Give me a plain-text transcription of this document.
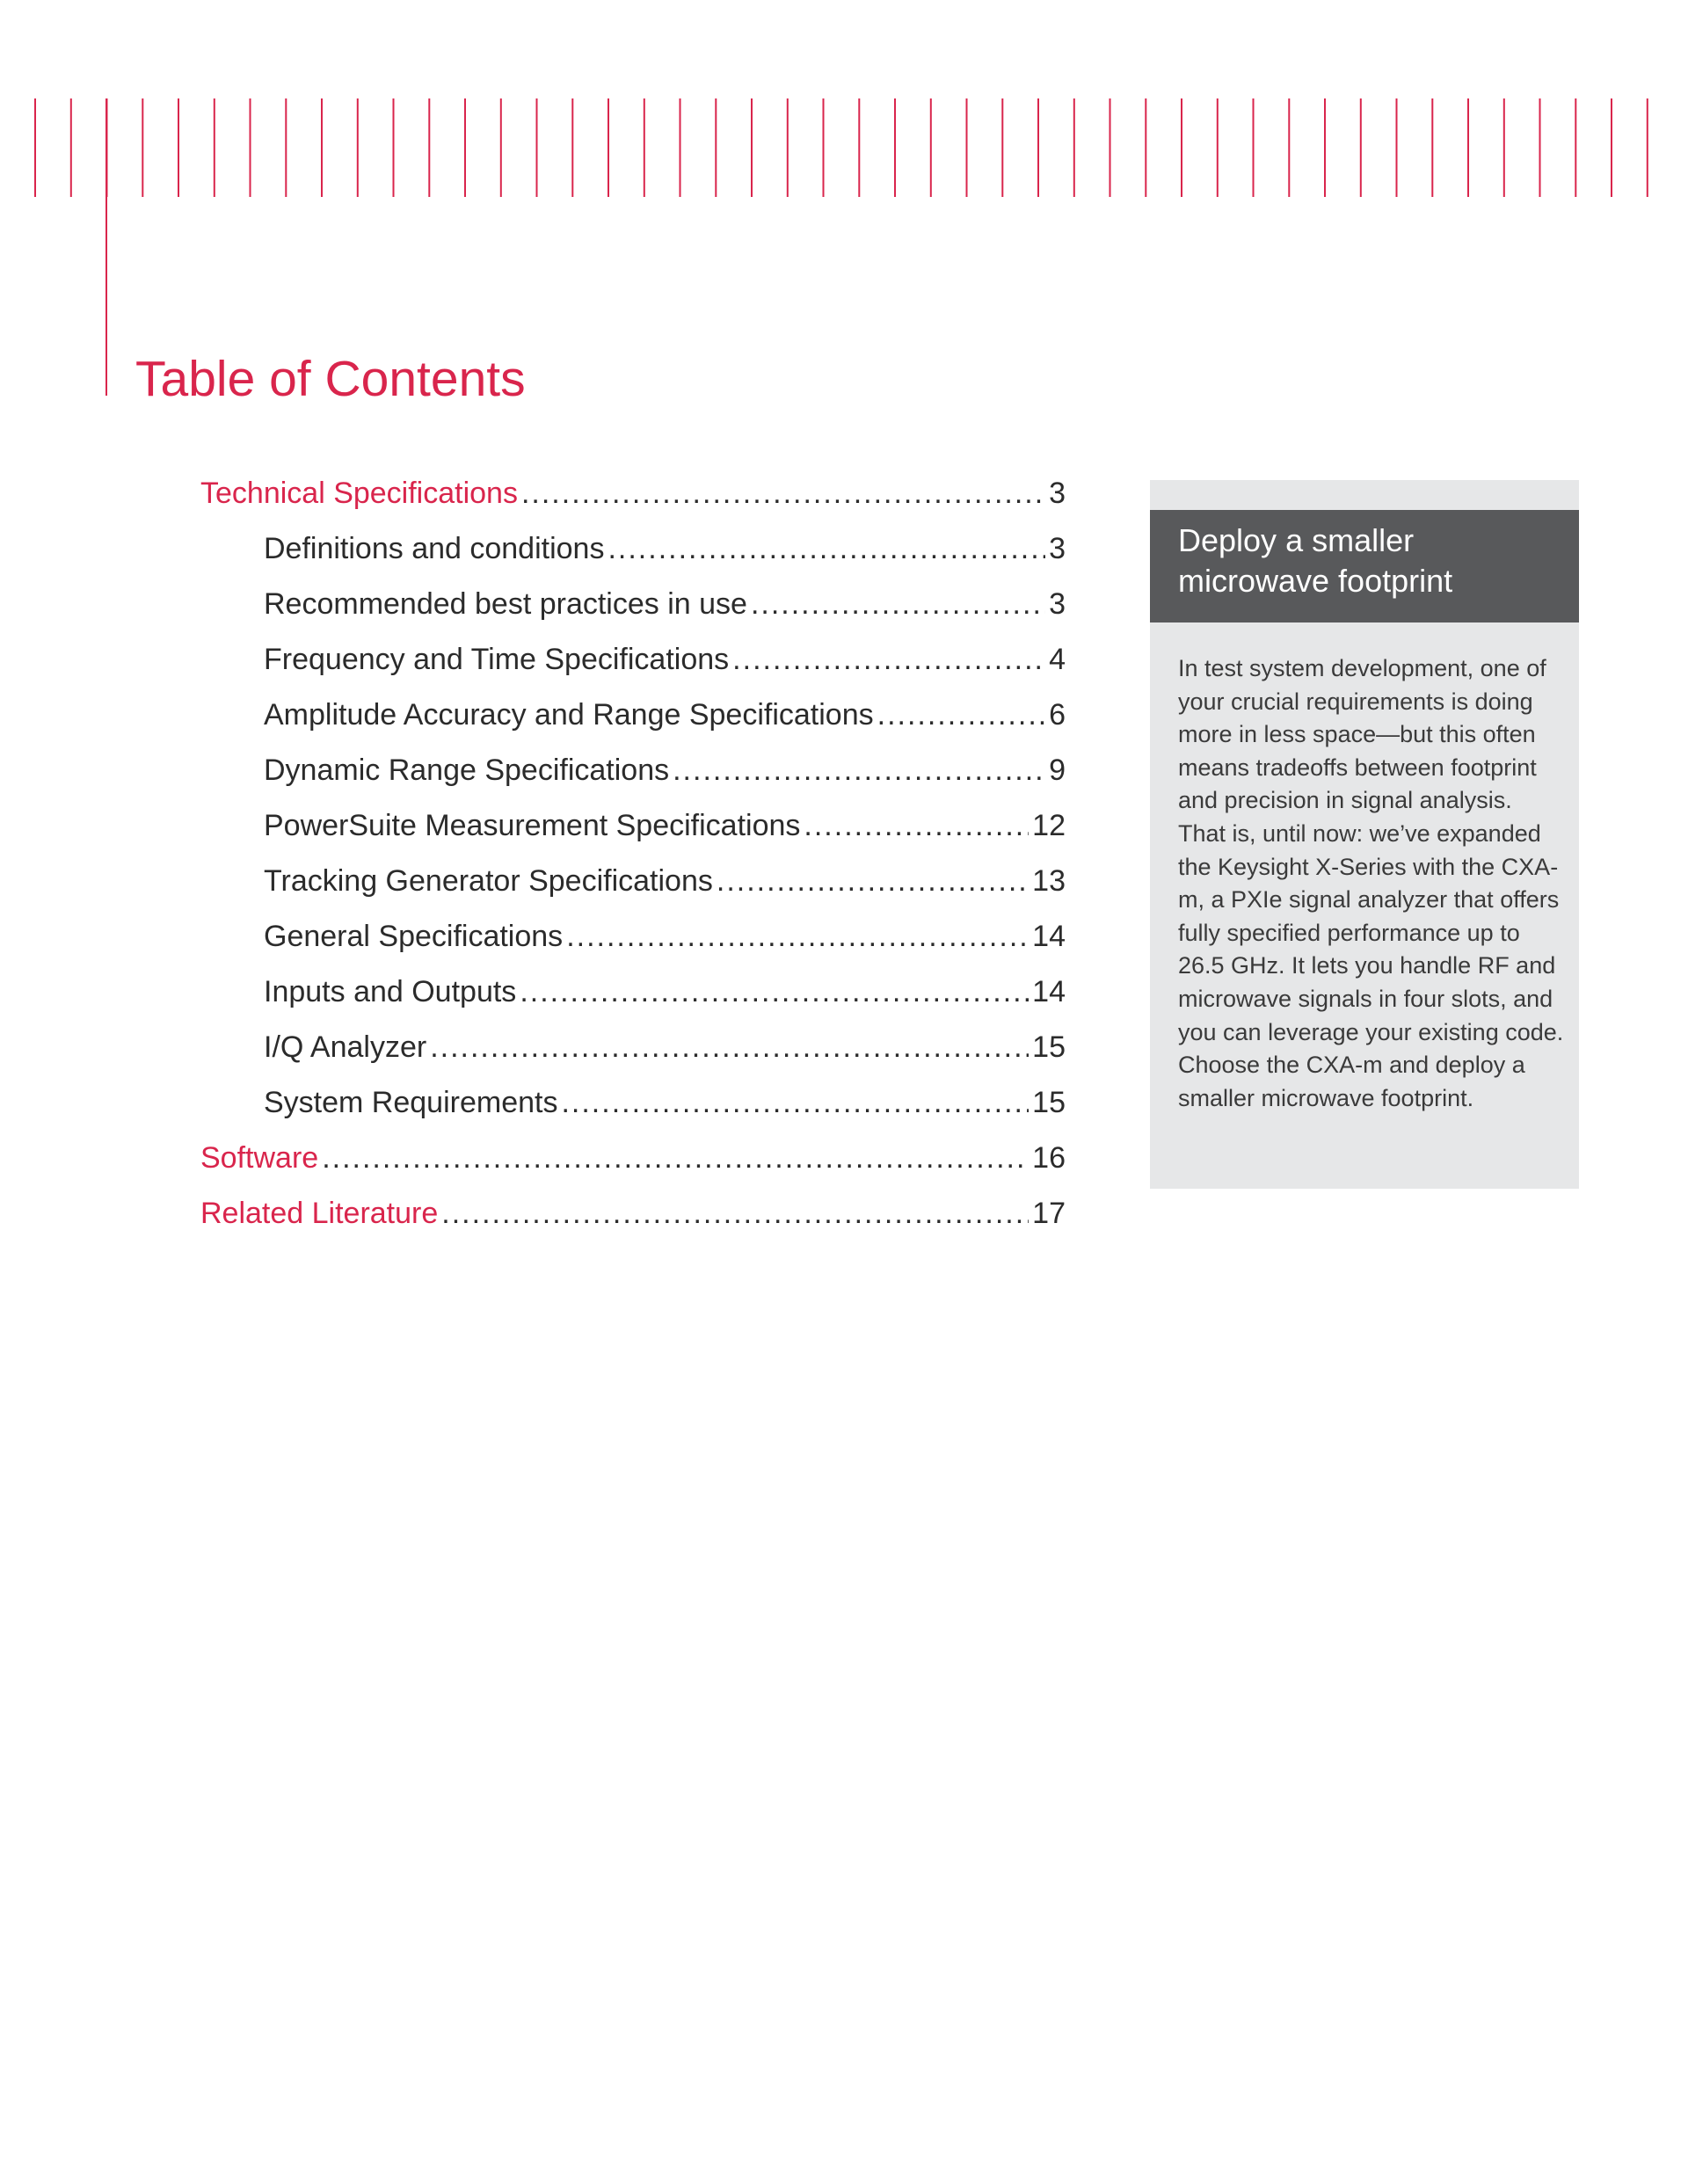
Table of Contents
Technical Specifications .....	3
Definitions and conditions .....	3
Recommended best practices in use .....	3
Frequency and Time Specifications .....	4
Amplitude Accuracy and Range Specifications .....	6
Dynamic Range Specifications .....	9
PowerSuite Measurement Specifications .....	12
Tracking Generator Specifications .....	13
General Specifications .....	14
Inputs and Outputs .....	14
I/Q Analyzer .....	15
System Requirements .....	15
Software .....	16
Related Literature .....	17
Deploy a smaller microwave footprint

In test system development, one of your crucial requirements is doing more in less space—but this often means tradeoffs between footprint and precision in signal analysis. That is, until now: we’ve expanded the Keysight X-Series with the CXA-m, a PXIe signal analyzer that offers fully specified performance up to 26.5 GHz. It lets you handle RF and microwave signals in four slots, and you can leverage your existing code. Choose the CXA-m and deploy a smaller microwave footprint.
